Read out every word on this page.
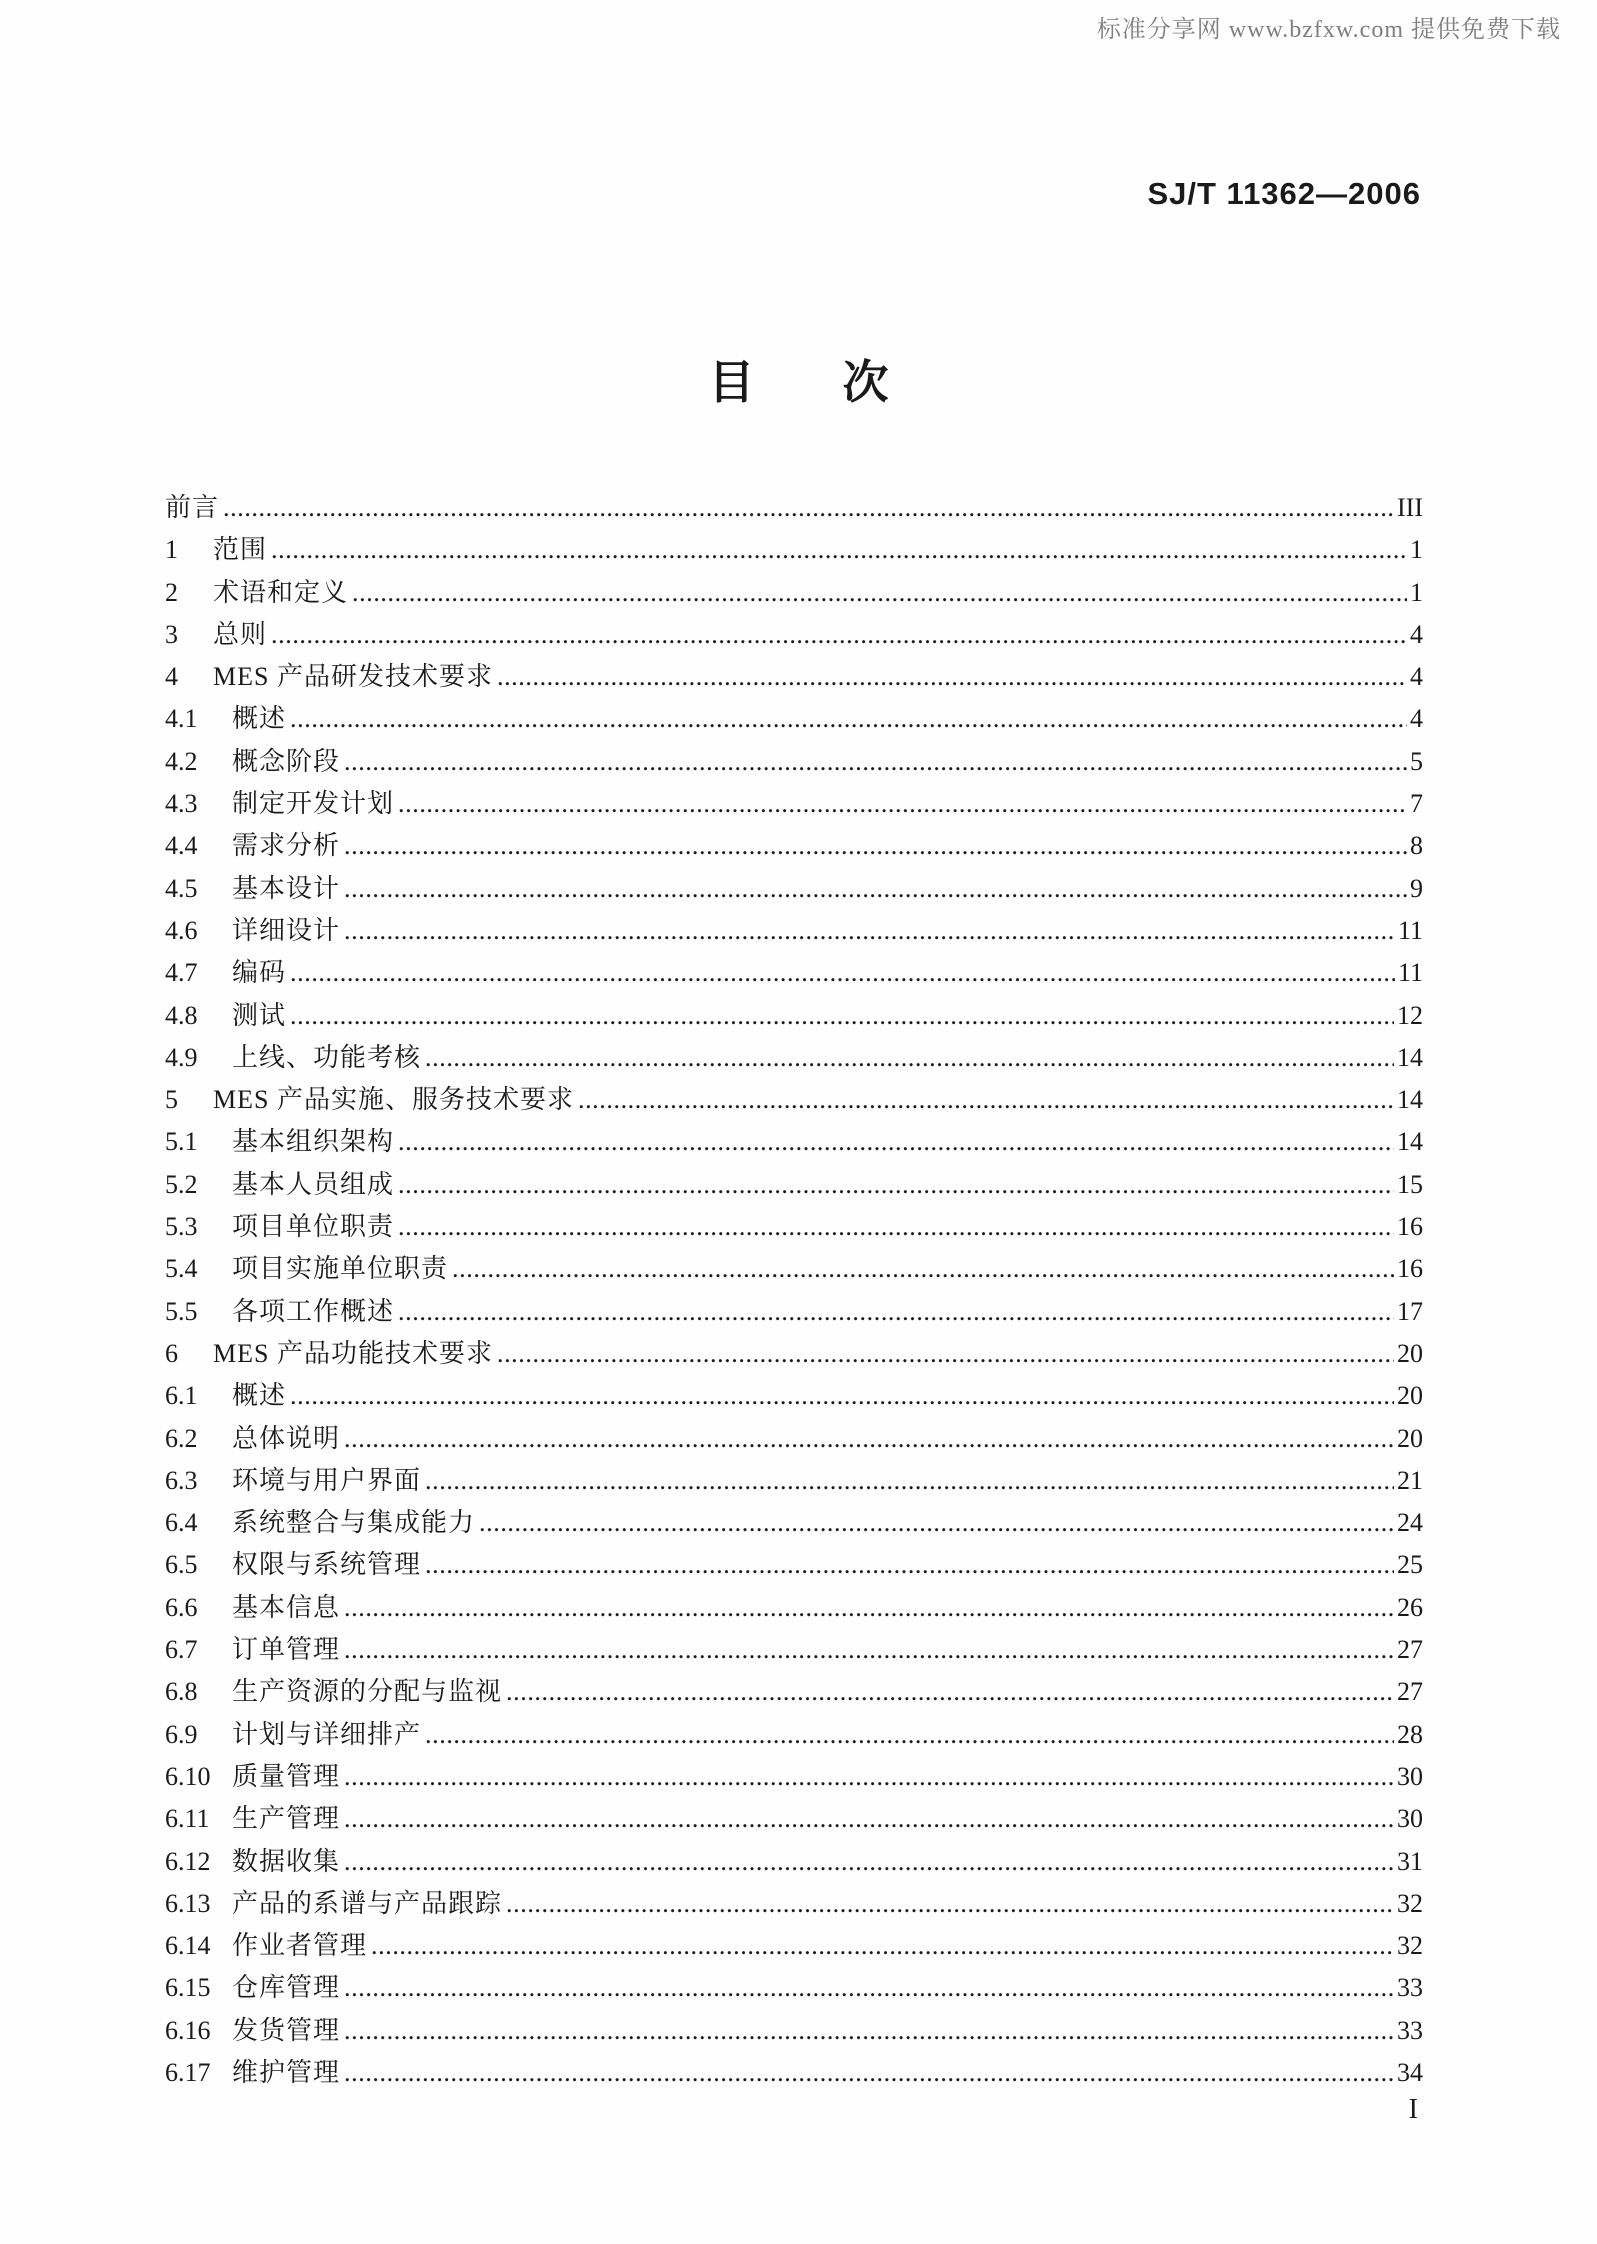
标准分享网 www.bzfxw.com 提供免费下载
SJ/T 11362—2006
目 次
前言 .....	III
1	范围 .....	1
2	术语和定义 .....	1
3	总则 .....	4
4	MES 产品研发技术要求 .....	4
4.1	概述 .....	4
4.2	概念阶段 .....	5
4.3	制定开发计划 .....	7
4.4	需求分析 .....	8
4.5	基本设计 .....	9
4.6	详细设计 .....	11
4.7	编码 .....	11
4.8	测试 .....	12
4.9	上线、功能考核 .....	14
5	MES 产品实施、服务技术要求 .....	14
5.1	基本组织架构 .....	14
5.2	基本人员组成 .....	15
5.3	项目单位职责 .....	16
5.4	项目实施单位职责 .....	16
5.5	各项工作概述 .....	17
6	MES 产品功能技术要求 .....	20
6.1	概述 .....	20
6.2	总体说明 .....	20
6.3	环境与用户界面 .....	21
6.4	系统整合与集成能力 .....	24
6.5	权限与系统管理 .....	25
6.6	基本信息 .....	26
6.7	订单管理 .....	27
6.8	生产资源的分配与监视 .....	27
6.9	计划与详细排产 .....	28
6.10 质量管理 .....	30
6.11 生产管理 .....	30
6.12 数据收集 .....	31
6.13 产品的系谱与产品跟踪 .....	32
6.14 作业者管理 .....	32
6.15 仓库管理 .....	33
6.16 发货管理 .....	33
6.17 维护管理 .....	34
I
